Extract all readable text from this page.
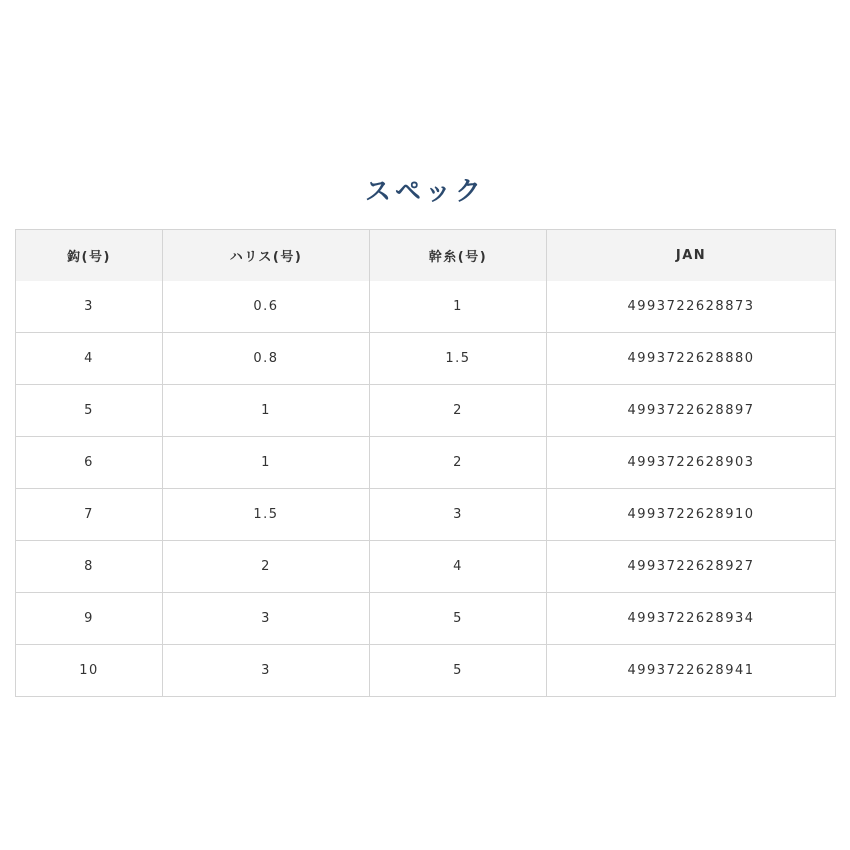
スペック
鈎(号)	ハリス(号)	幹糸(号)	JAN
3	0.6	1	4993722628873
4	0.8	1.5	4993722628880
5	1	2	4993722628897
6	1	2	4993722628903
7	1.5	3	4993722628910
8	2	4	4993722628927
9	3	5	4993722628934
10	3	5	4993722628941
